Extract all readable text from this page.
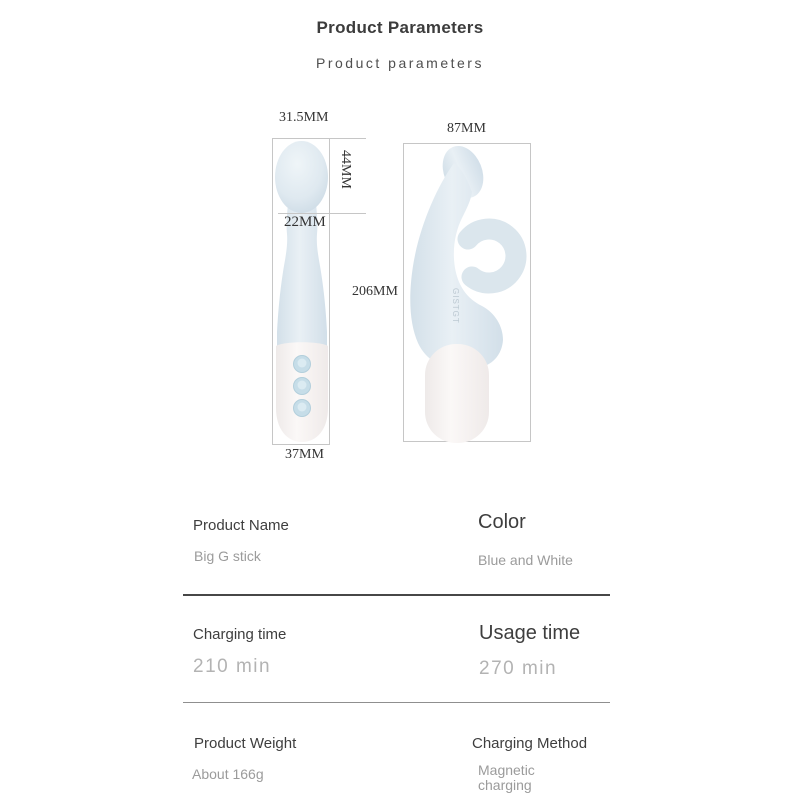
Product Parameters
Product parameters
31.5MM
44MM
22MM
206MM
37MM
87MM
GISTGT
Product Name
Big G stick
Color
Blue and White
Charging time
210 min
Usage time
270 min
Product Weight
About 166g
Charging Method
Magnetic charging
